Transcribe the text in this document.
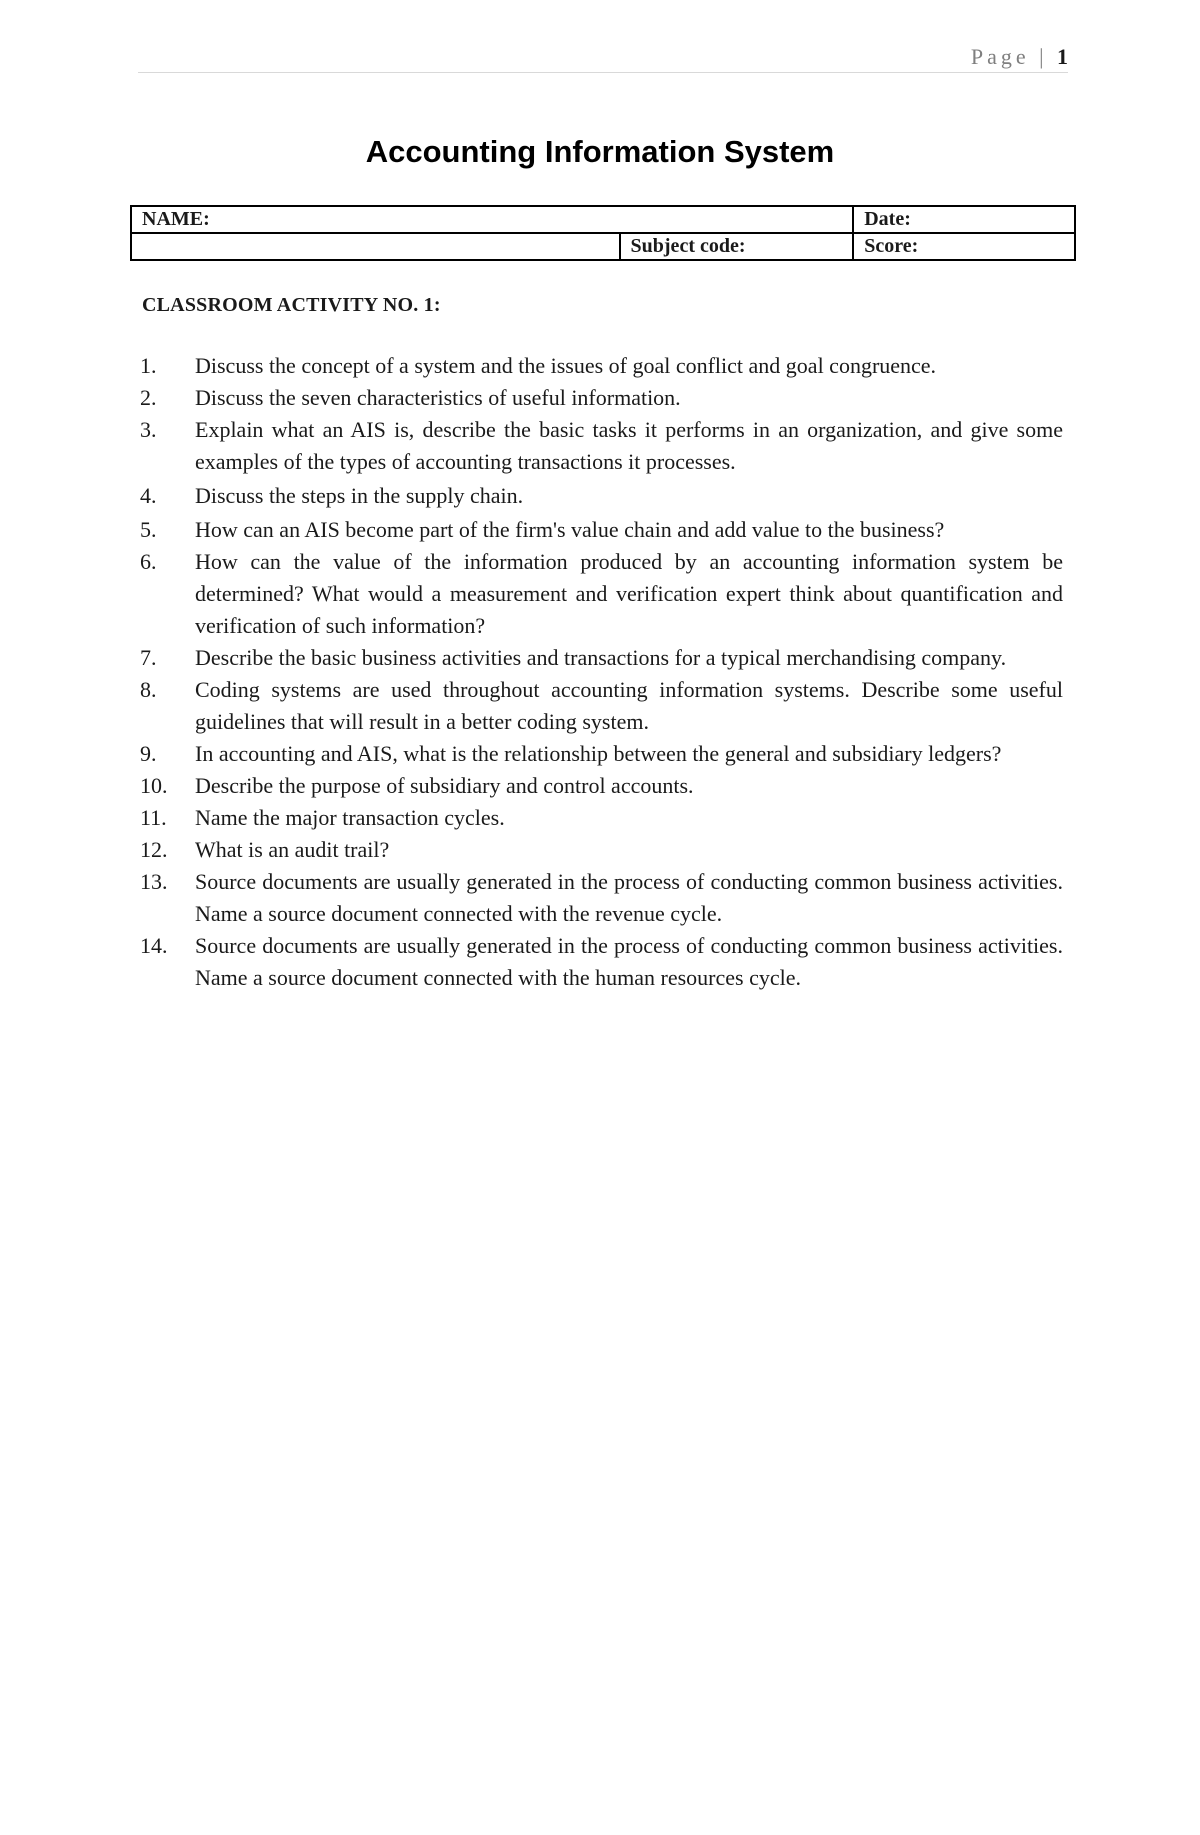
Page | 1
Accounting Information System
NAME:		Date:
	Subject code:	Score:
CLASSROOM ACTIVITY NO. 1:
1.	Discuss the concept of a system and the issues of goal conflict and goal congruence.
2.	Discuss the seven characteristics of useful information.
3.	Explain what an AIS is, describe the basic tasks it performs in an organization, and give some examples of the types of accounting transactions it processes.
4.	Discuss the steps in the supply chain.
5.	How can an AIS become part of the firm's value chain and add value to the business?
6.	How can the value of the information produced by an accounting information system be determined? What would a measurement and verification expert think about quantification and verification of such information?
7.	Describe the basic business activities and transactions for a typical merchandising company.
8.	Coding systems are used throughout accounting information systems. Describe some useful guidelines that will result in a better coding system.
9.	In accounting and AIS, what is the relationship between the general and subsidiary ledgers?
10.	Describe the purpose of subsidiary and control accounts.
11.	Name the major transaction cycles.
12.	What is an audit trail?
13.	Source documents are usually generated in the process of conducting common business activities. Name a source document connected with the revenue cycle.
14.	Source documents are usually generated in the process of conducting common business activities. Name a source document connected with the human resources cycle.
